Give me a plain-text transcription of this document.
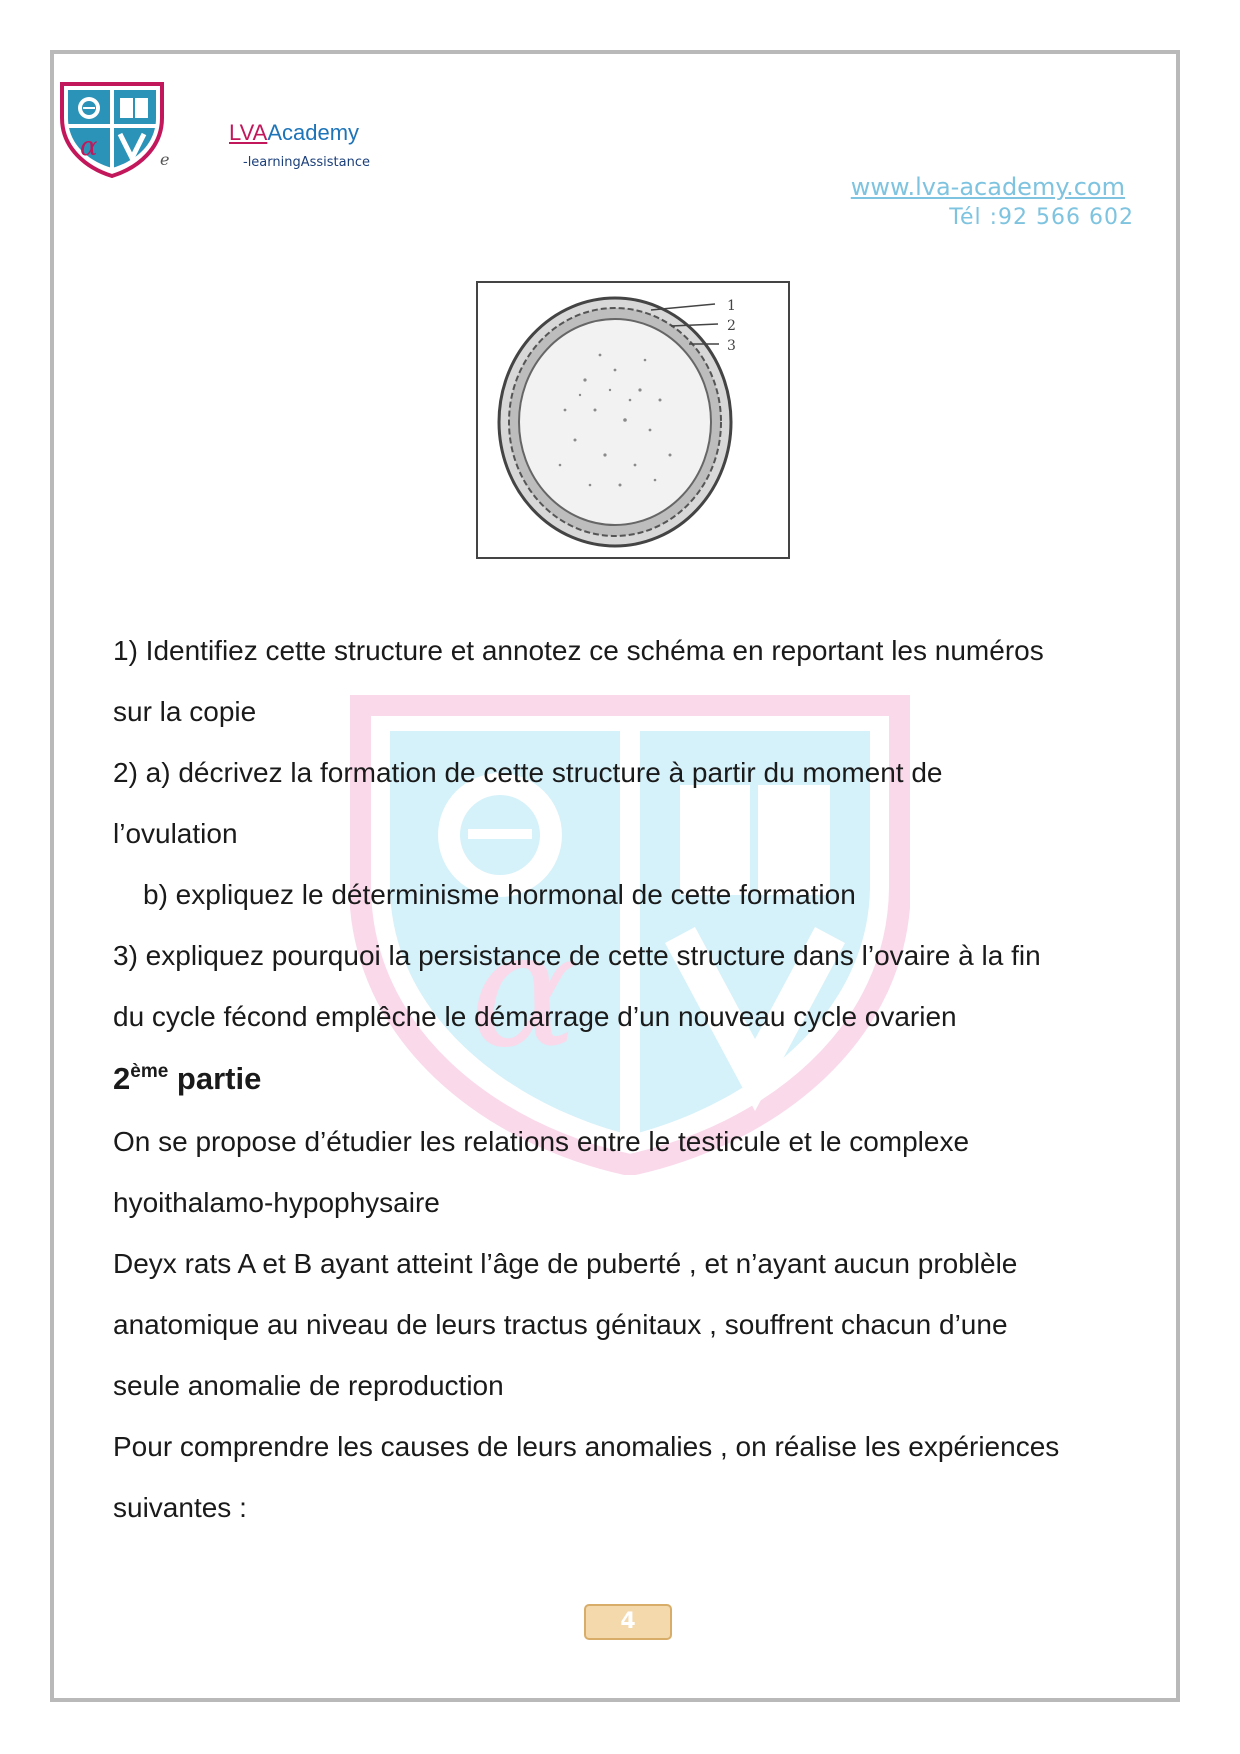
α	e
LVAAcademy
-learningAssistance
www.lva-academy.com
Tél :92 566 602
1
2
3
α
1) Identifiez cette structure et annotez ce schéma en reportant les numéros
sur la copie
2) a) décrivez la formation de cette structure à partir du moment de
l’ovulation
b) expliquez le déterminisme hormonal de cette formation
3) expliquez pourquoi la persistance de cette structure dans l’ovaire à la fin
du cycle fécond emplêche le démarrage d’un nouveau cycle ovarien
2ème partie
On se propose d’étudier les relations entre le testicule et le complexe
hyoithalamo-hypophysaire
Deyx rats A et B ayant atteint l’âge de puberté , et n’ayant aucun problèle
anatomique au niveau de leurs tractus génitaux , souffrent chacun d’une
seule anomalie de reproduction
Pour comprendre les causes de leurs anomalies , on réalise les expériences
suivantes :
4
